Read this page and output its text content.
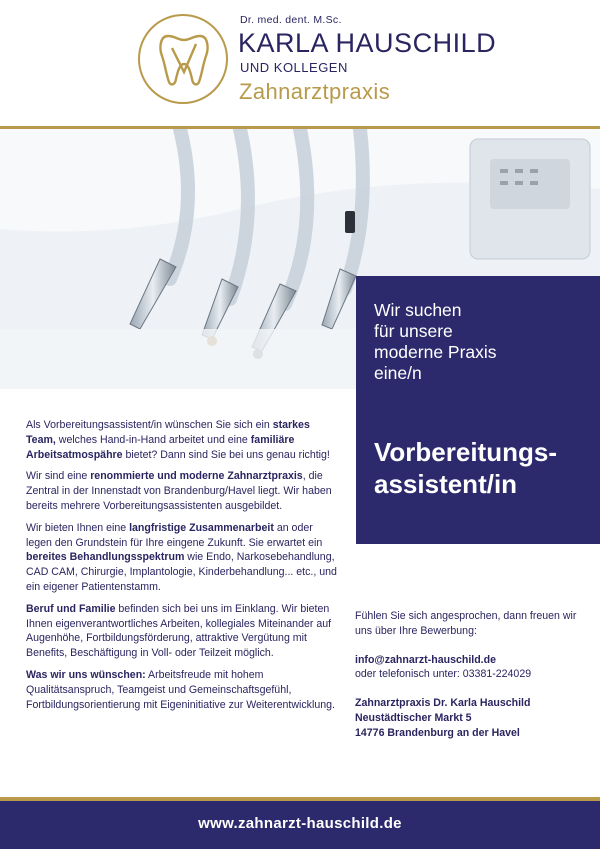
Dr. med. dent. M.Sc.
KARLA HAUSCHILD
UND KOLLEGEN
Zahnarztpraxis
Wir suchen
für unsere
moderne Praxis
eine/n
Vorbereitungs-
assistent/in

Als Vorbereitungsassistent/in wünschen Sie sich ein starkes Team, welches Hand-in-Hand arbeitet und eine familiäre Arbeitsatmospähre bietet? Dann sind Sie bei uns genau richtig!

Wir sind eine renommierte und moderne Zahnarztpraxis, die Zentral in der Innenstadt von Brandenburg/Havel liegt. Wir haben bereits mehrere Vorbereitungsassistenten ausgebildet.

Wir bieten Ihnen eine langfristige Zusammenarbeit an oder legen den Grundstein für Ihre eingene Zukunft. Sie erwartet ein bereites Behandlungsspektrum wie Endo, Narkosebehandlung, CAD CAM, Chirurgie, Implantologie, Kinderbehandlung... etc., und ein eigener Patientenstamm.

Beruf und Familie befinden sich bei uns im Einklang. Wir bieten Ihnen eigenverantwortliches Arbeiten, kollegiales Miteinander auf Augenhöhe, Fortbildungsförderung, attraktive Vergütung mit Benefits, Beschäftigung in Voll- oder Teilzeit möglich.

Was wir uns wünschen: Arbeitsfreude mit hohem Qualitätsanspruch, Teamgeist und Gemeinschaftsgefühl, Fortbildungsorientierung mit Eigeninitiative zur Weiterentwicklung.

Fühlen Sie sich angesprochen, dann freuen wir uns über Ihre Bewerbung:
info@zahnarzt-hauschild.de
oder telefonisch unter: 03381-224029
Zahnarztpraxis Dr. Karla Hauschild
Neustädtischer Markt 5
14776 Brandenburg an der Havel
www.zahnarzt-hauschild.de
